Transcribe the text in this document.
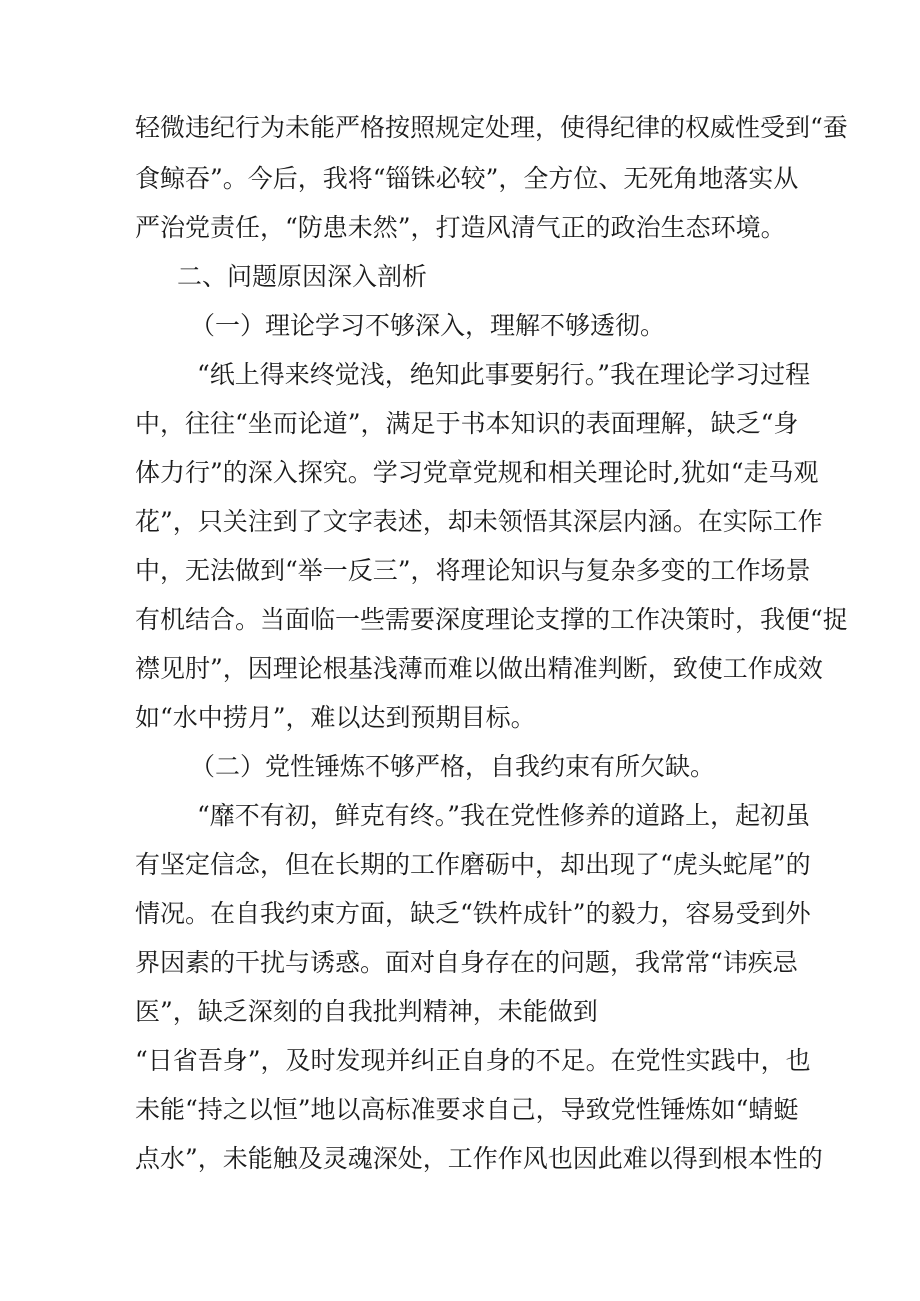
轻微违纪行为未能严格按照规定处理，使得纪律的权威性受到“蚕
食鲸吞”。今后，我将“锱铢必较”，全方位、无死角地落实从
严治党责任，“防患未然”，打造风清气正的政治生态环境。
二、问题原因深入剖析
（一）理论学习不够深入，理解不够透彻。
“纸上得来终觉浅，绝知此事要躬行。”我在理论学习过程
中，往往“坐而论道”，满足于书本知识的表面理解，缺乏“身
体力行”的深入探究。学习党章党规和相关理论时,犹如“走马观
花”，只关注到了文字表述，却未领悟其深层内涵。在实际工作
中，无法做到“举一反三”，将理论知识与复杂多变的工作场景
有机结合。当面临一些需要深度理论支撑的工作决策时，我便“捉
襟见肘”，因理论根基浅薄而难以做出精准判断，致使工作成效
如“水中捞月”，难以达到预期目标。
（二）党性锤炼不够严格，自我约束有所欠缺。
“靡不有初，鲜克有终。”我在党性修养的道路上，起初虽
有坚定信念，但在长期的工作磨砺中，却出现了“虎头蛇尾”的
情况。在自我约束方面，缺乏“铁杵成针”的毅力，容易受到外
界因素的干扰与诱惑。面对自身存在的问题，我常常“讳疾忌
医”，缺乏深刻的自我批判精神，未能做到
“日省吾身”，及时发现并纠正自身的不足。在党性实践中，也
未能“持之以恒”地以高标准要求自己，导致党性锤炼如“蜻蜓
点水”，未能触及灵魂深处，工作作风也因此难以得到根本性的
